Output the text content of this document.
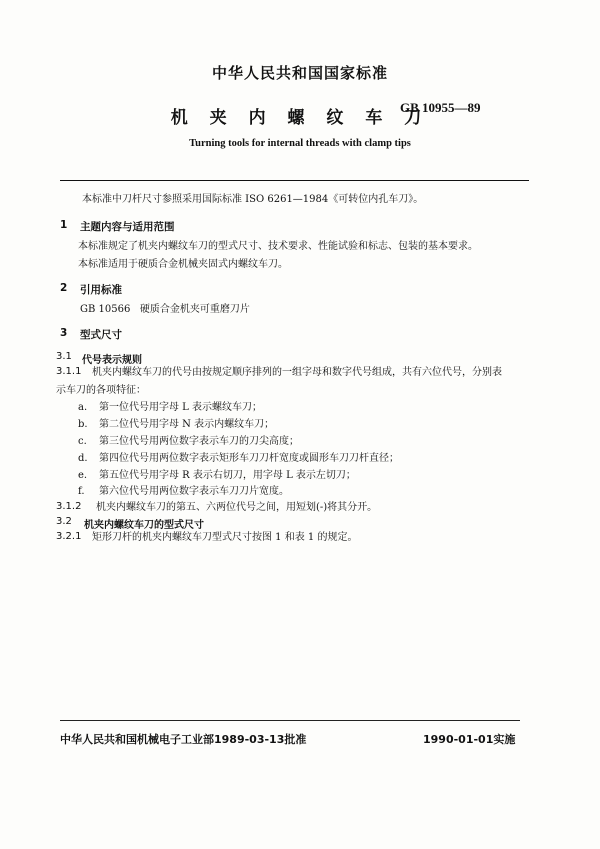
中华人民共和国国家标准
机 夹 内 螺 纹 车 刀
GB 10955—89
Turning tools for internal threads with clamp tips
本标准中刀杆尺寸参照采用国际标准 ISO 6261—1984《可转位内孔车刀》。
1 主题内容与适用范围
本标准规定了机夹内螺纹车刀的型式尺寸、技术要求、性能试验和标志、包装的基本要求。
本标准适用于硬质合金机械夹固式内螺纹车刀。
2 引用标准
GB 10566   硬质合金机夹可重磨刀片
3 型式尺寸
3.1 代号表示规则
3.1.1 机夹内螺纹车刀的代号由按规定顺序排列的一组字母和数字代号组成，共有六位代号，分别表
示车刀的各项特征：
a. 第一位代号用字母 L 表示螺纹车刀；
b. 第二位代号用字母 N 表示内螺纹车刀；
c. 第三位代号用两位数字表示车刀的刀尖高度；
d. 第四位代号用两位数字表示矩形车刀刀杆宽度或圆形车刀刀杆直径；
e. 第五位代号用字母 R 表示右切刀，用字母 L 表示左切刀；
f. 第六位代号用两位数字表示车刀刀片宽度。
3.1.2 机夹内螺纹车刀的第五、六两位代号之间，用短划(-)将其分开。
3.2 机夹内螺纹车刀的型式尺寸
3.2.1 矩形刀杆的机夹内螺纹车刀型式尺寸按图 1 和表 1 的规定。
中华人民共和国机械电子工业部1989-03-13批准	1990-01-01实施
